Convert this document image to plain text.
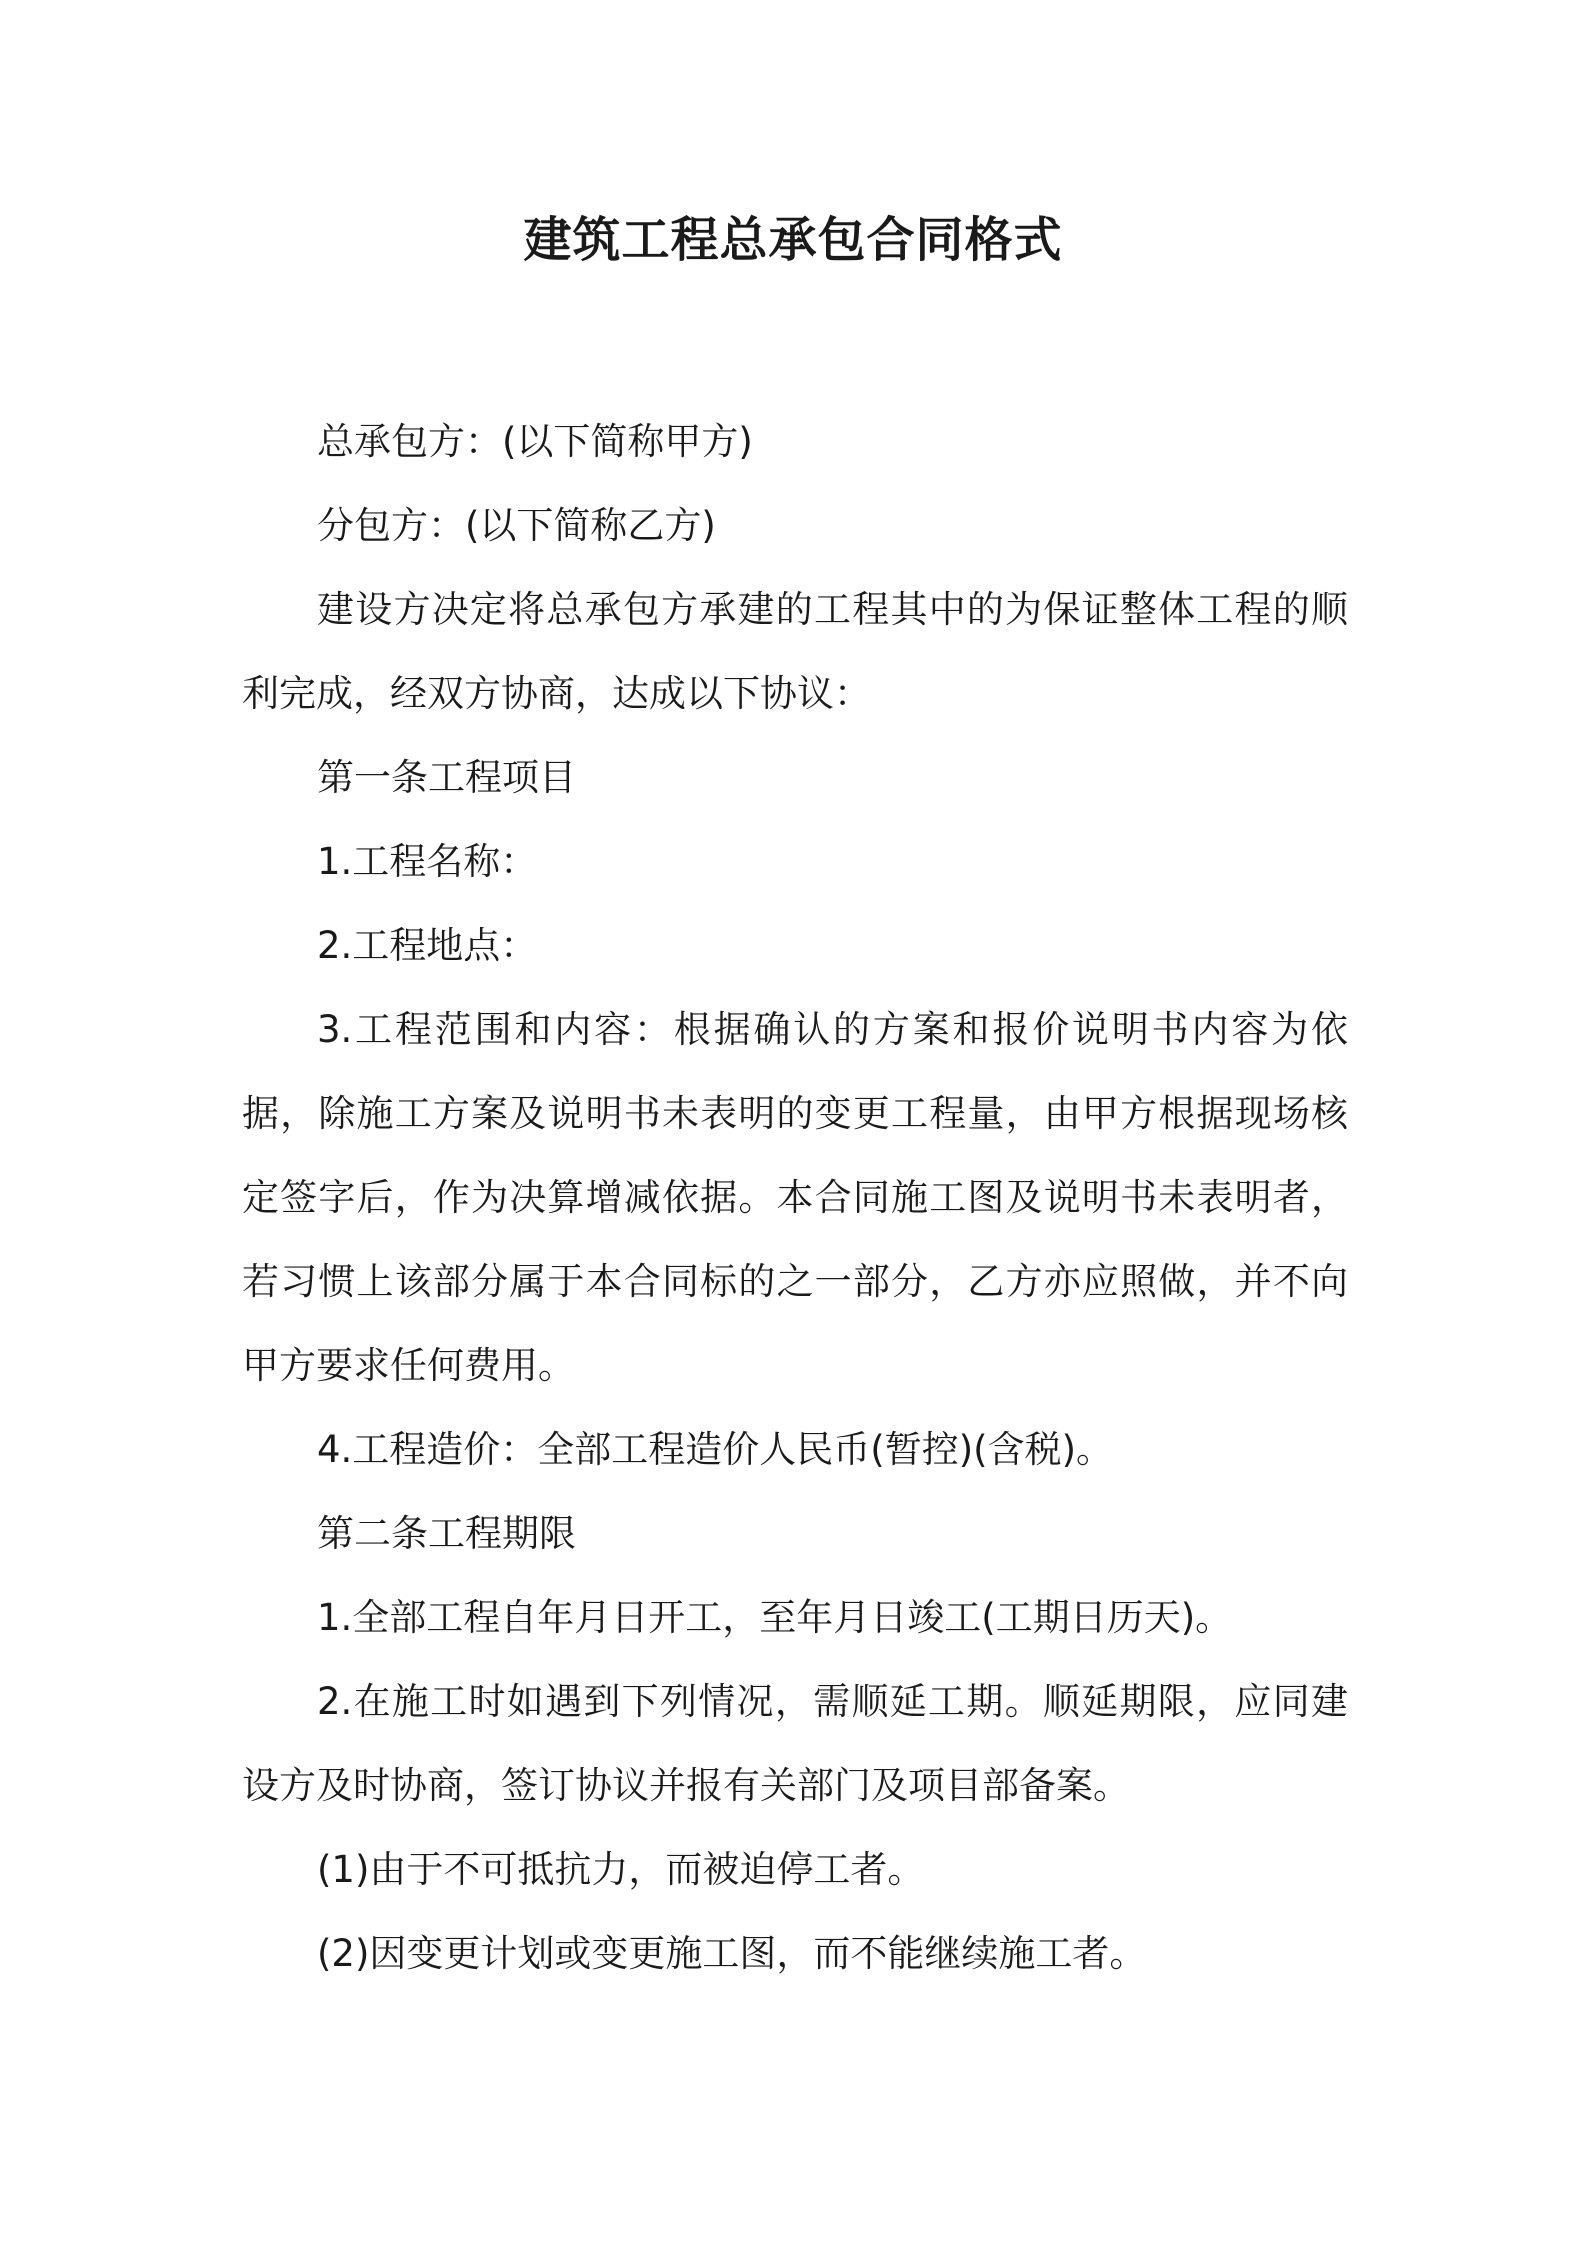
建筑工程总承包合同格式

总承包方：(以下简称甲方)

分包方：(以下简称乙方)

建设方决定将总承包方承建的工程其中的为保证整体工程的顺利完成，经双方协商，达成以下协议：

第一条工程项目

1.工程名称：

2.工程地点：

3.工程范围和内容：根据确认的方案和报价说明书内容为依据，除施工方案及说明书未表明的变更工程量，由甲方根据现场核定签字后，作为决算增减依据。本合同施工图及说明书未表明者，若习惯上该部分属于本合同标的之一部分，乙方亦应照做，并不向甲方要求任何费用。

4.工程造价：全部工程造价人民币(暂控)(含税)。

第二条工程期限

1.全部工程自年月日开工，至年月日竣工(工期日历天)。

2.在施工时如遇到下列情况，需顺延工期。顺延期限，应同建设方及时协商，签订协议并报有关部门及项目部备案。

(1)由于不可抵抗力，而被迫停工者。

(2)因变更计划或变更施工图，而不能继续施工者。
